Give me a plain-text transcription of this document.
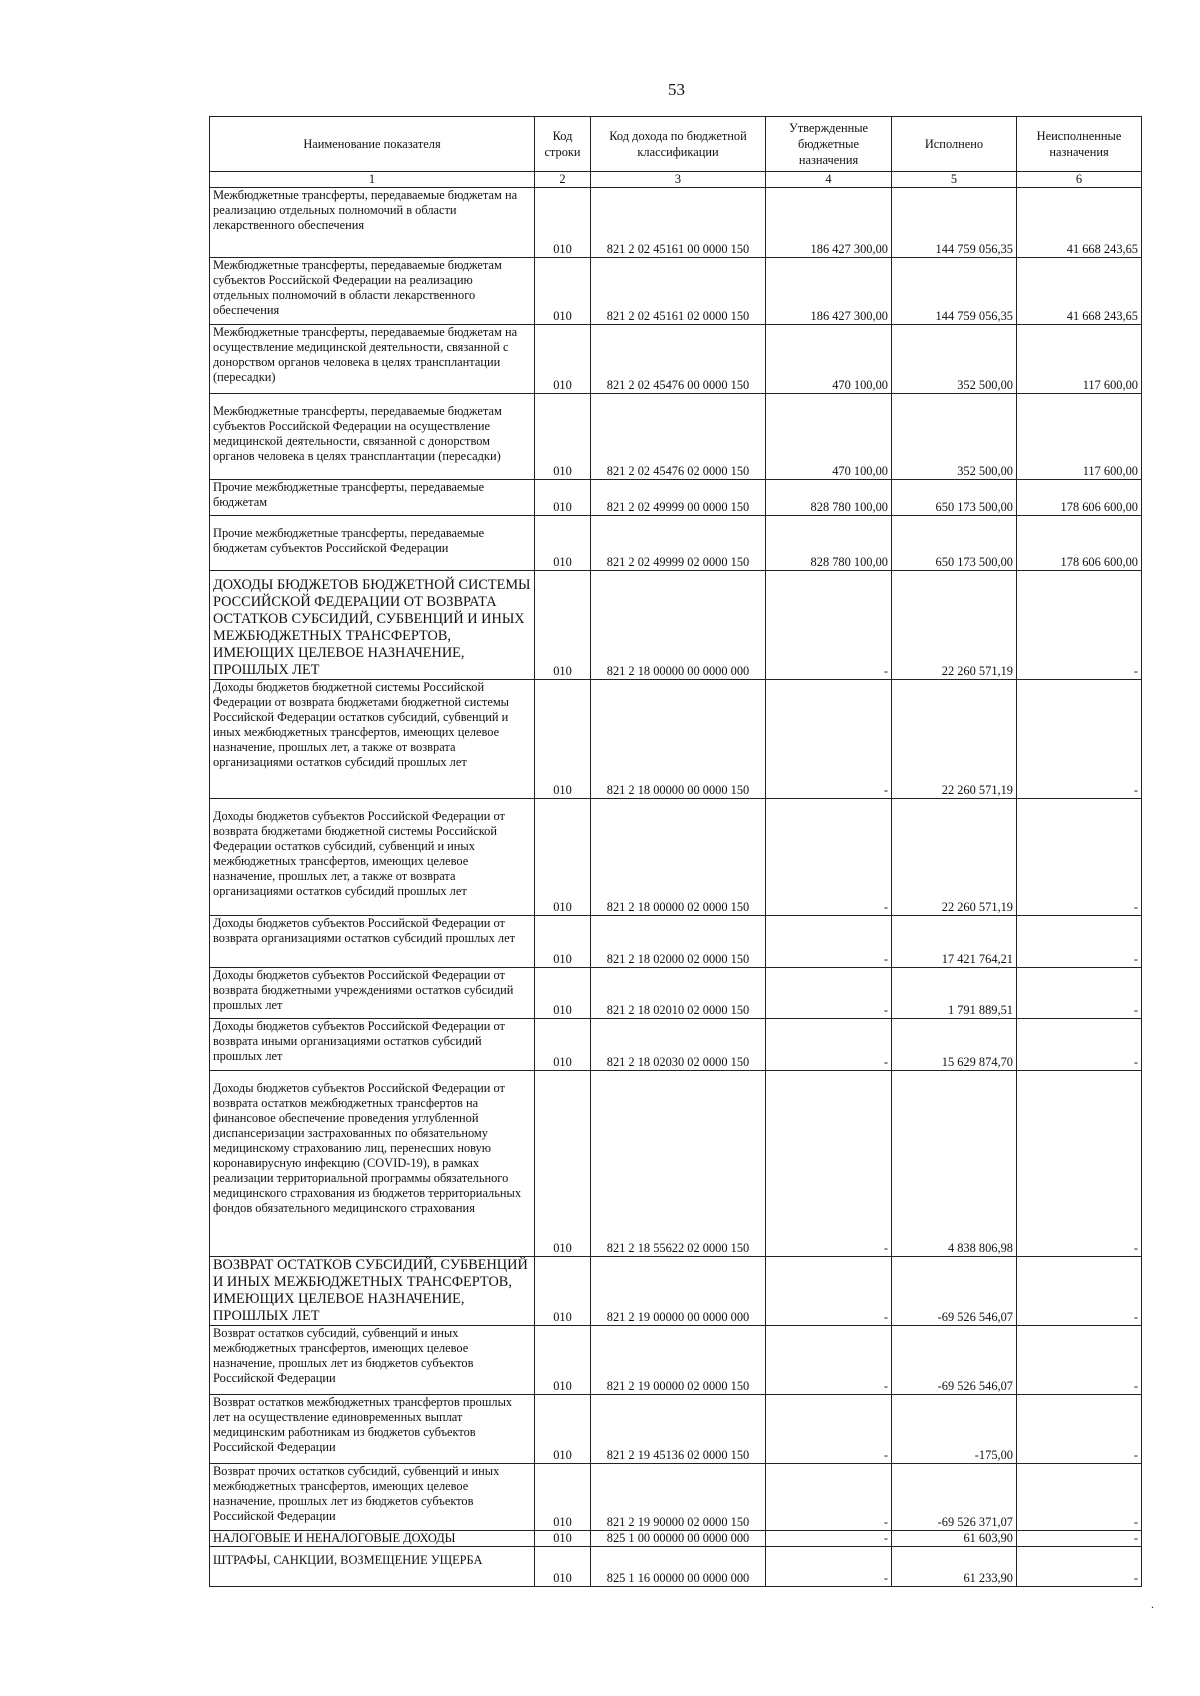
53
Наименование показателя	Код строки	Код дохода по бюджетной классификации	Утвержденные бюджетные назначения	Исполнено	Неисполненные назначения
1	2	3	4	5	6
Межбюджетные трансферты, передаваемые бюджетам на реализацию отдельных полномочий в области лекарственного обеспечения	010	821 2 02 45161 00 0000 150	186 427 300,00	144 759 056,35	41 668 243,65
Межбюджетные трансферты, передаваемые бюджетам субъектов Российской Федерации на реализацию отдельных полномочий в области лекарственного обеспечения	010	821 2 02 45161 02 0000 150	186 427 300,00	144 759 056,35	41 668 243,65
Межбюджетные трансферты, передаваемые бюджетам на осуществление медицинской деятельности, связанной с донорством органов человека в целях трансплантации (пересадки)	010	821 2 02 45476 00 0000 150	470 100,00	352 500,00	117 600,00
Межбюджетные трансферты, передаваемые бюджетам субъектов Российской Федерации на осуществление медицинской деятельности, связанной с донорством органов человека в целях трансплантации (пересадки)	010	821 2 02 45476 02 0000 150	470 100,00	352 500,00	117 600,00
Прочие межбюджетные трансферты, передаваемые бюджетам	010	821 2 02 49999 00 0000 150	828 780 100,00	650 173 500,00	178 606 600,00
Прочие межбюджетные трансферты, передаваемые бюджетам субъектов Российской Федерации	010	821 2 02 49999 02 0000 150	828 780 100,00	650 173 500,00	178 606 600,00
ДОХОДЫ БЮДЖЕТОВ БЮДЖЕТНОЙ СИСТЕМЫ РОССИЙСКОЙ ФЕДЕРАЦИИ ОТ ВОЗВРАТА ОСТАТКОВ СУБСИДИЙ, СУБВЕНЦИЙ И ИНЫХ МЕЖБЮДЖЕТНЫХ ТРАНСФЕРТОВ, ИМЕЮЩИХ ЦЕЛЕВОЕ НАЗНАЧЕНИЕ, ПРОШЛЫХ ЛЕТ	010	821 2 18 00000 00 0000 000	-	22 260 571,19	-
Доходы бюджетов бюджетной системы Российской Федерации от возврата бюджетами бюджетной системы Российской Федерации остатков субсидий, субвенций и иных межбюджетных трансфертов, имеющих целевое назначение, прошлых лет, а также от возврата организациями остатков субсидий прошлых лет	010	821 2 18 00000 00 0000 150	-	22 260 571,19	-
Доходы бюджетов субъектов Российской Федерации от возврата бюджетами бюджетной системы Российской Федерации остатков субсидий, субвенций и иных межбюджетных трансфертов, имеющих целевое назначение, прошлых лет, а также от возврата организациями остатков субсидий прошлых лет	010	821 2 18 00000 02 0000 150	-	22 260 571,19	-
Доходы бюджетов субъектов Российской Федерации от возврата организациями остатков субсидий прошлых лет	010	821 2 18 02000 02 0000 150	-	17 421 764,21	-
Доходы бюджетов субъектов Российской Федерации от возврата бюджетными учреждениями остатков субсидий прошлых лет	010	821 2 18 02010 02 0000 150	-	1 791 889,51	-
Доходы бюджетов субъектов Российской Федерации от возврата иными организациями остатков субсидий прошлых лет	010	821 2 18 02030 02 0000 150	-	15 629 874,70	-
Доходы бюджетов субъектов Российской Федерации от возврата остатков межбюджетных трансфертов на финансовое обеспечение проведения углубленной диспансеризации застрахованных по обязательному медицинскому страхованию лиц, перенесших новую коронавирусную инфекцию (COVID-19), в рамках реализации территориальной программы обязательного медицинского страхования из бюджетов территориальных фондов обязательного медицинского страхования	010	821 2 18 55622 02 0000 150	-	4 838 806,98	-
ВОЗВРАТ ОСТАТКОВ СУБСИДИЙ, СУБВЕНЦИЙ И ИНЫХ МЕЖБЮДЖЕТНЫХ ТРАНСФЕРТОВ, ИМЕЮЩИХ ЦЕЛЕВОЕ НАЗНАЧЕНИЕ, ПРОШЛЫХ ЛЕТ	010	821 2 19 00000 00 0000 000	-	-69 526 546,07	-
Возврат остатков субсидий, субвенций и иных межбюджетных трансфертов, имеющих целевое назначение, прошлых лет из бюджетов субъектов Российской Федерации	010	821 2 19 00000 02 0000 150	-	-69 526 546,07	-
Возврат остатков межбюджетных трансфертов прошлых лет на осуществление единовременных выплат медицинским работникам из бюджетов субъектов Российской Федерации	010	821 2 19 45136 02 0000 150	-	-175,00	-
Возврат прочих остатков субсидий, субвенций и иных межбюджетных трансфертов, имеющих целевое назначение, прошлых лет из бюджетов субъектов Российской Федерации	010	821 2 19 90000 02 0000 150	-	-69 526 371,07	-
НАЛОГОВЫЕ И НЕНАЛОГОВЫЕ ДОХОДЫ	010	825 1 00 00000 00 0000 000	-	61 603,90	-
ШТРАФЫ, САНКЦИИ, ВОЗМЕЩЕНИЕ УЩЕРБА	010	825 1 16 00000 00 0000 000	-	61 233,90	-
.
